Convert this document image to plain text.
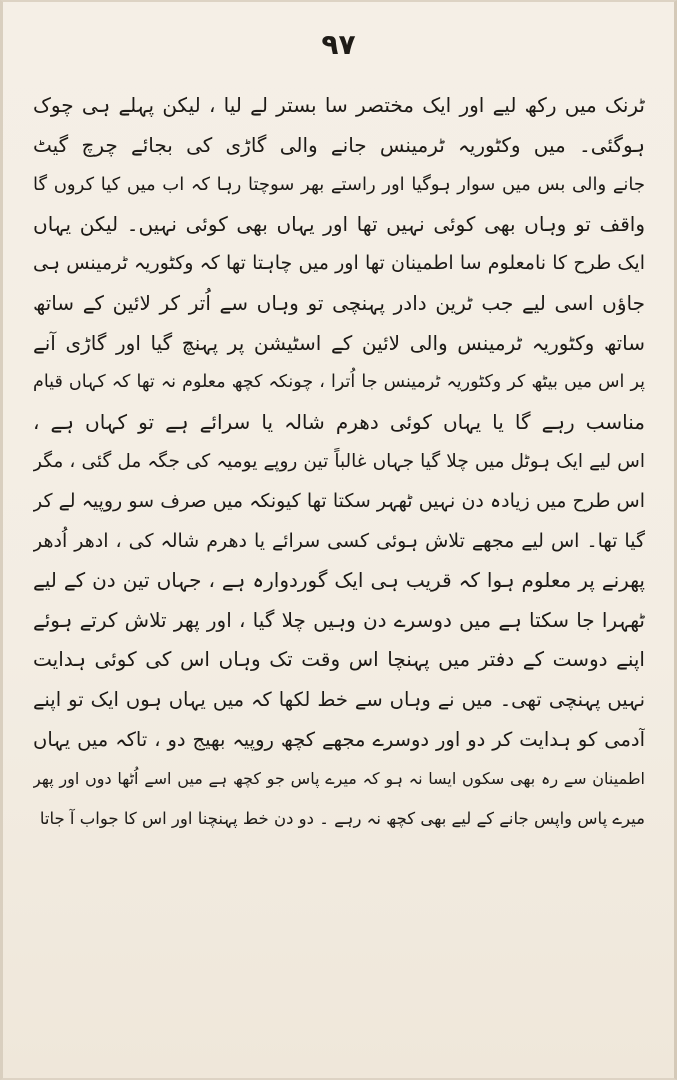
۹۷
ٹرنک میں رکھ لیے اور ایک مختصر سا بستر لے لیا ، لیکن پہلے ہی چوک
ہوگئی۔ میں وکٹوریہ ٹرمینس جانے والی گاڑی کی بجائے چرچ گیٹ
جانے والی بس میں سوار ہوگیا اور راستے بھر سوچتا رہا کہ اب میں کیا کروں گا
واقف تو وہاں بھی کوئی نہیں تھا اور یہاں بھی کوئی نہیں۔ لیکن یہاں
ایک طرح کا نامعلوم سا اطمینان تھا اور میں چاہتا تھا کہ وکٹوریہ ٹرمینس ہی
جاؤں اسی لیے جب ٹرین دادر پہنچی تو وہاں سے اُتر کر لائین کے ساتھ
ساتھ وکٹوریہ ٹرمینس والی لائین کے اسٹیشن پر پہنچ گیا اور گاڑی آنے
پر اس میں بیٹھ کر وکٹوریہ ٹرمینس جا اُترا ، چونکہ کچھ معلوم نہ تھا کہ کہاں قیام
مناسب رہے گا یا یہاں کوئی دھرم شالہ یا سرائے ہے تو کہاں ہے ،
اس لیے ایک ہوٹل میں چلا گیا جہاں غالباً تین روپے یومیہ کی جگہ مل گئی ، مگر
اس طرح میں زیادہ دن نہیں ٹھہر سکتا تھا کیونکہ میں صرف سو روپیہ لے کر
گیا تھا۔ اس لیے مجھے تلاش ہوئی کسی سرائے یا دھرم شالہ کی ، ادھر اُدھر
پھرنے پر معلوم ہوا کہ قریب ہی ایک گوردوارہ ہے ، جہاں تین دن کے لیے
ٹھہرا جا سکتا ہے میں دوسرے دن وہیں چلا گیا ، اور پھر تلاش کرتے ہوئے
اپنے دوست کے دفتر میں پہنچا اس وقت تک وہاں اس کی کوئی ہدایت
نہیں پہنچی تھی۔ میں نے وہاں سے خط لکھا کہ میں یہاں ہوں ایک تو اپنے
آدمی کو ہدایت کر دو اور دوسرے مجھے کچھ روپیہ بھیج دو ، تاکہ میں یہاں
اطمینان سے رہ بھی سکوں ایسا نہ ہو کہ میرے پاس جو کچھ ہے میں اسے اُٹھا دوں اور پھر
میرے پاس واپس جانے کے لیے بھی کچھ نہ رہے ۔ دو دن خط پہنچنا اور اس کا جواب آ جاتا
